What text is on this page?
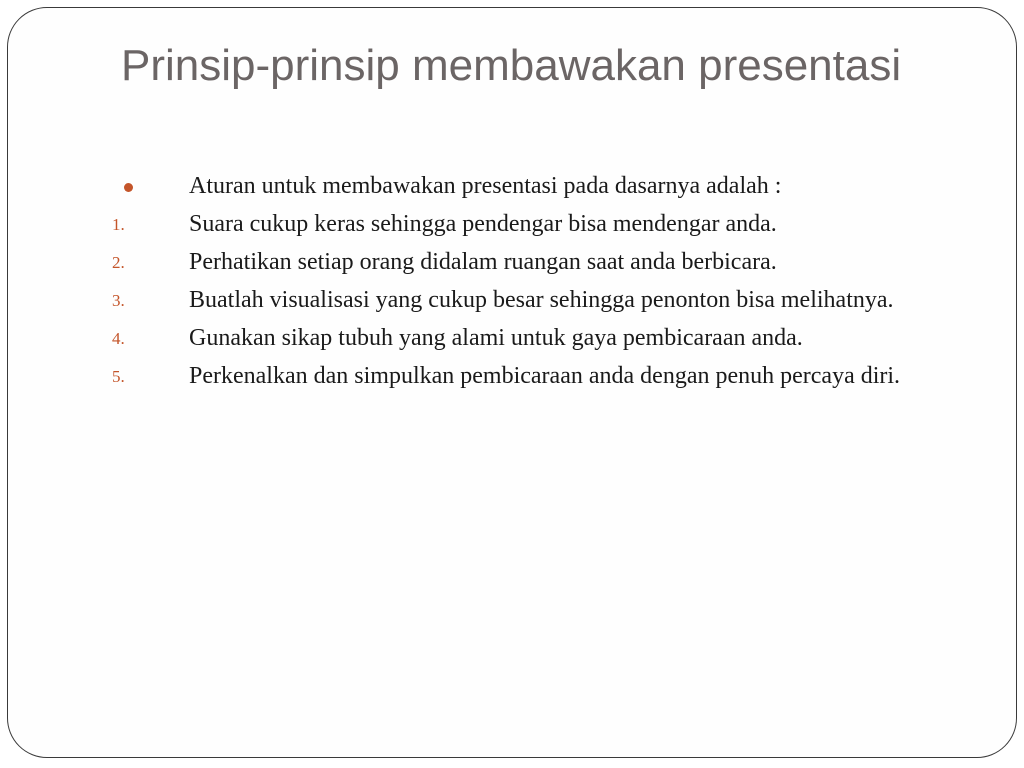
Prinsip-prinsip membawakan presentasi
Aturan untuk membawakan presentasi pada dasarnya adalah :
1.	Suara cukup keras sehingga pendengar bisa mendengar anda.
2.	Perhatikan setiap orang didalam ruangan saat anda berbicara.
3.	Buatlah visualisasi yang cukup besar sehingga penonton bisa melihatnya.
4.	Gunakan sikap tubuh yang alami untuk gaya pembicaraan anda.
5.	Perkenalkan dan simpulkan pembicaraan anda dengan penuh percaya diri.
